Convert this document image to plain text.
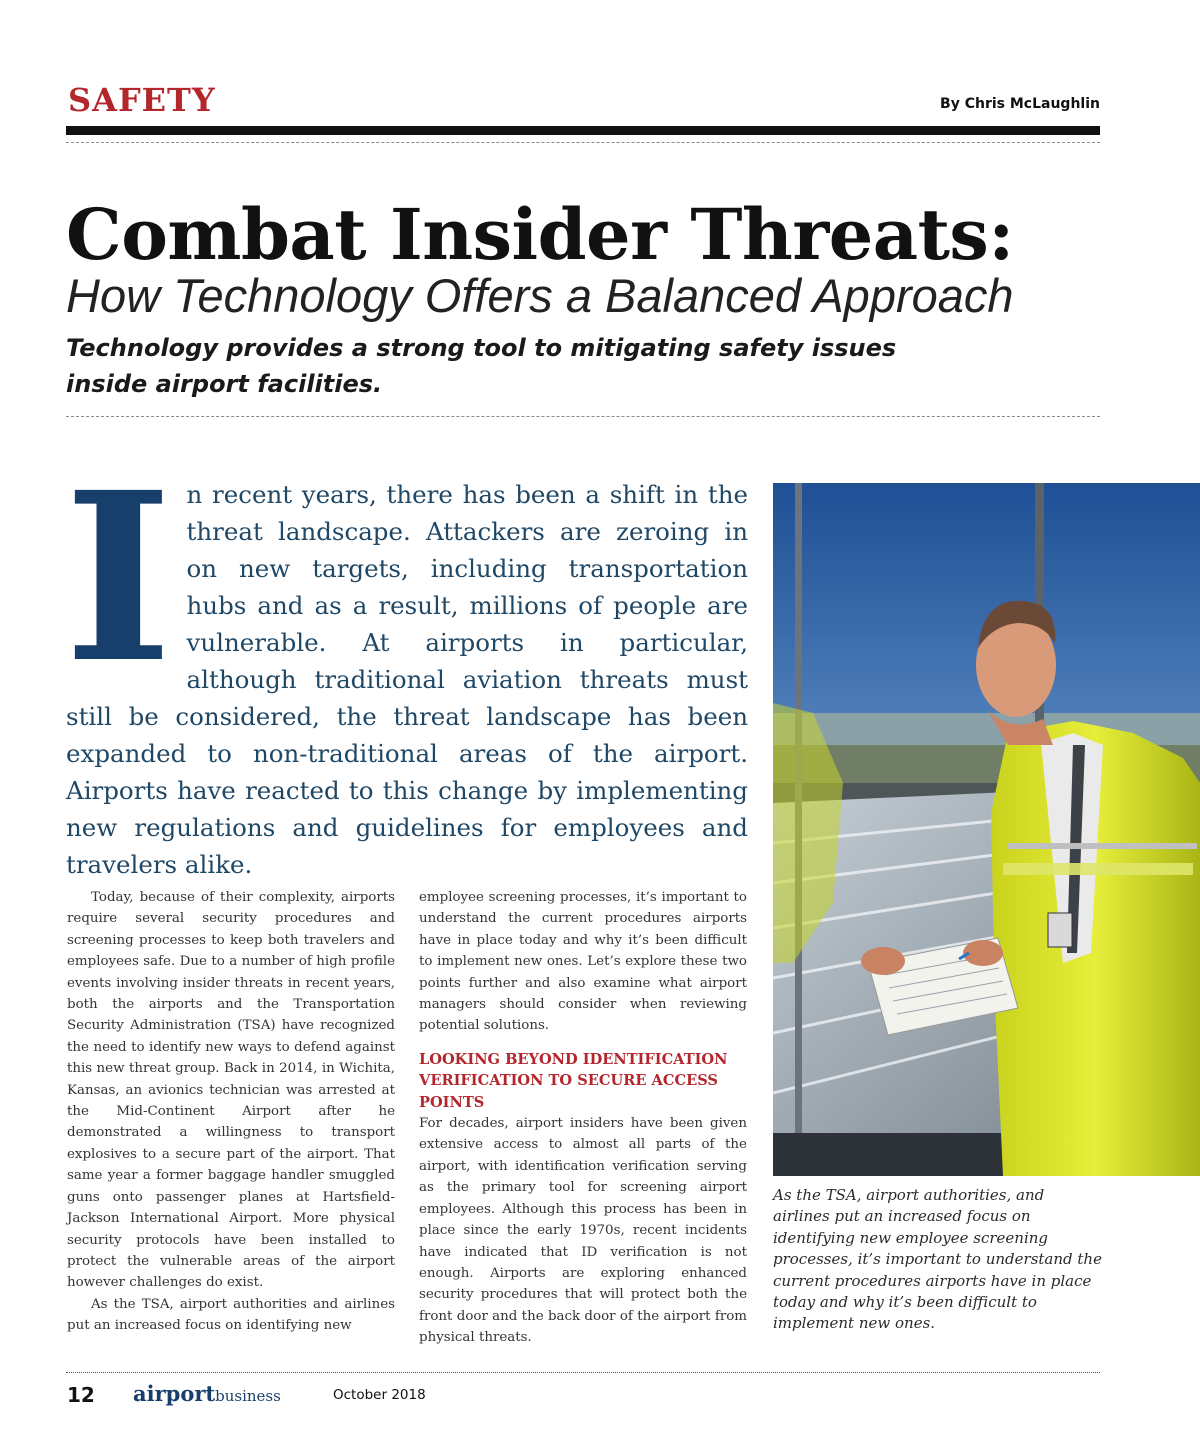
SAFETY	By Chris McLaughlin
Combat Insider Threats:
How Technology Offers a Balanced Approach
Technology provides a strong tool to mitigating safety issues
inside airport facilities.

In recent years, there has been a shift in the threat landscape. Attackers are zeroing in on new targets, including transportation hubs and as a result, millions of people are vulnerable. At airports in particular, although traditional aviation threats must still be considered, the threat landscape has been expanded to non-traditional areas of the airport. Airports have reacted to this change by implementing new regulations and guidelines for employees and travelers alike.

Today, because of their complexity, airports require several security procedures and screening processes to keep both travelers and employees safe. Due to a number of high profile events involving insider threats in recent years, both the airports and the Transportation Security Administration (TSA) have recognized the need to identify new ways to defend against this new threat group. Back in 2014, in Wichita, Kansas, an avionics technician was arrested at the Mid-Continent Airport after he demonstrated a willingness to transport explosives to a secure part of the airport. That same year a former baggage handler smuggled guns onto passenger planes at Hartsfield-Jackson International Airport. More physical security protocols have been installed to protect the vulnerable areas of the airport however challenges do exist.

As the TSA, airport authorities and airlines put an increased focus on identifying new

employee screening processes, it’s important to understand the current procedures airports have in place today and why it’s been difficult to implement new ones. Let’s explore these two points further and also examine what airport managers should consider when reviewing potential solutions.

LOOKING BEYOND IDENTIFICATION VERIFICATION TO SECURE ACCESS POINTS

For decades, airport insiders have been given extensive access to almost all parts of the airport, with identification verification serving as the primary tool for screening airport employees. Although this process has been in place since the early 1970s, recent incidents have indicated that ID verification is not enough. Airports are exploring enhanced security procedures that will protect both the front door and the back door of the airport from physical threats.

As the TSA, airport authorities, and airlines put an increased focus on identifying new employee screening processes, it’s important to understand the current procedures airports have in place today and why it’s been difficult to implement new ones.
12 airportbusiness	October 2018
